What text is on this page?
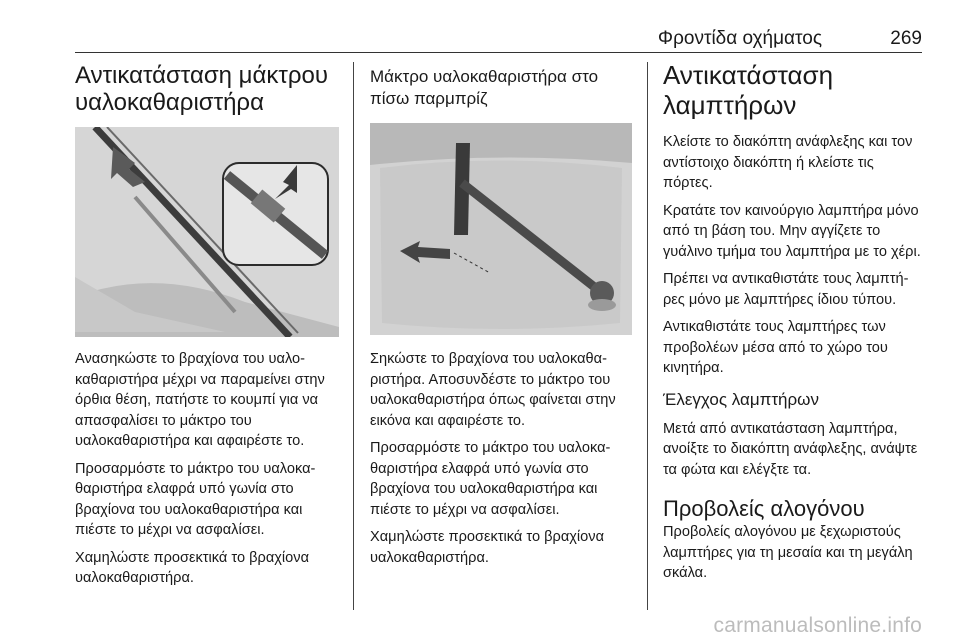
Φροντίδα οχήματος	269
Αντικατάσταση μάκτρου υαλοκαθαριστήρα

Ανασηκώστε το βραχίονα του υαλο-καθαριστήρα μέχρι να παραμείνει στην όρθια θέση, πατήστε το κουμπί για να απασφαλίσει το μάκτρο του υαλοκαθαριστήρα και αφαιρέστε το.

Προσαρμόστε το μάκτρο του υαλοκα-θαριστήρα ελαφρά υπό γωνία στο βραχίονα του υαλοκαθαριστήρα και πιέστε το μέχρι να ασφαλίσει.

Χαμηλώστε προσεκτικά το βραχίονα υαλοκαθαριστήρα.

Μάκτρο υαλοκαθαριστήρα στο πίσω παρμπρίζ

Σηκώστε το βραχίονα του υαλοκαθα-ριστήρα. Αποσυνδέστε το μάκτρο του υαλοκαθαριστήρα όπως φαίνεται στην εικόνα και αφαιρέστε το.

Προσαρμόστε το μάκτρο του υαλοκα-θαριστήρα ελαφρά υπό γωνία στο βραχίονα του υαλοκαθαριστήρα και πιέστε το μέχρι να ασφαλίσει.

Χαμηλώστε προσεκτικά το βραχίονα υαλοκαθαριστήρα.

Αντικατάσταση λαμπτήρων

Κλείστε το διακόπτη ανάφλεξης και τον αντίστοιχο διακόπτη ή κλείστε τις πόρτες.

Κρατάτε τον καινούργιο λαμπτήρα μόνο από τη βάση του. Μην αγγίζετε το γυάλινο τμήμα του λαμπτήρα με το χέρι.

Πρέπει να αντικαθιστάτε τους λαμπτή-ρες μόνο με λαμπτήρες ίδιου τύπου.

Αντικαθιστάτε τους λαμπτήρες των προβολέων μέσα από το χώρο του κινητήρα.

Έλεγχος λαμπτήρων

Μετά από αντικατάσταση λαμπτήρα, ανοίξτε το διακόπτη ανάφλεξης, ανάψτε τα φώτα και ελέγξτε τα.

Προβολείς αλογόνου

Προβολείς αλογόνου με ξεχωριστούς λαμπτήρες για τη μεσαία και τη μεγάλη σκάλα.

carmanualsonline.info
